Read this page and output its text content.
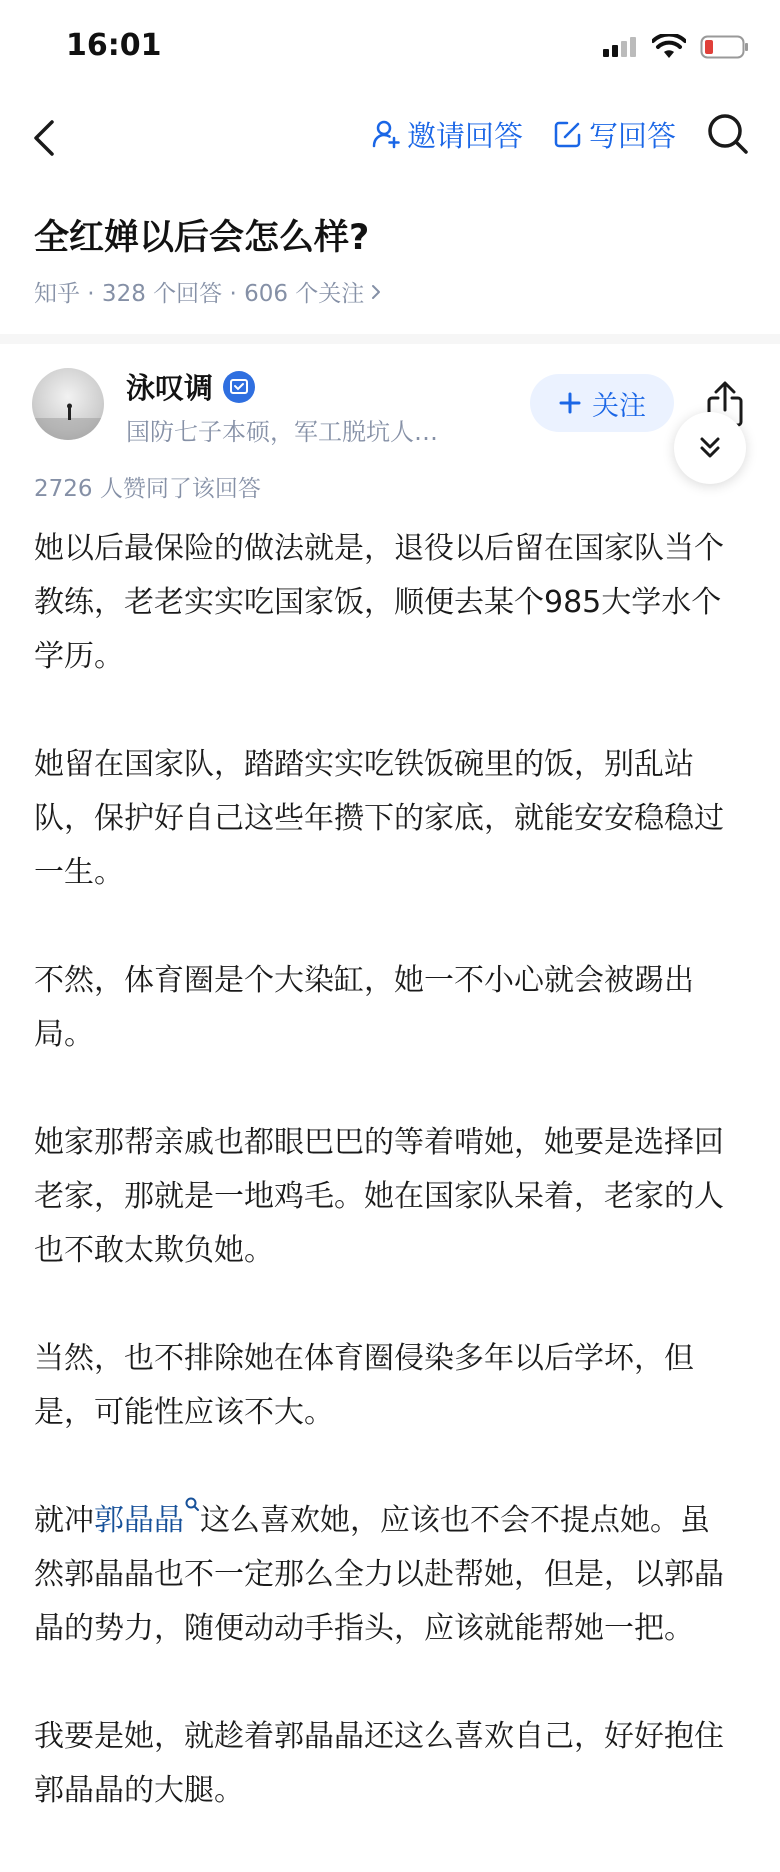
16:01
邀请回答 写回答
全红婵以后会怎么样?
知乎 · 328 个回答 · 606 个关注
泳叹调
国防七子本硕，军工脱坑人…
关注
2726 人赞同了该回答

她以后最保险的做法就是，退役以后留在国家队当个教练，老老实实吃国家饭，顺便去某个985大学水个学历。

她留在国家队，踏踏实实吃铁饭碗里的饭，别乱站队，保护好自己这些年攒下的家底，就能安安稳稳过一生。

不然，体育圈是个大染缸，她一不小心就会被踢出局。

她家那帮亲戚也都眼巴巴的等着啃她，她要是选择回老家，那就是一地鸡毛。她在国家队呆着，老家的人也不敢太欺负她。

当然，也不排除她在体育圈侵染多年以后学坏，但是，可能性应该不大。

就冲郭晶晶 这么喜欢她，应该也不会不提点她。虽然郭晶晶也不一定那么全力以赴帮她，但是，以郭晶晶的势力，随便动动手指头，应该就能帮她一把。

我要是她，就趁着郭晶晶还这么喜欢自己，好好抱住郭晶晶的大腿。
